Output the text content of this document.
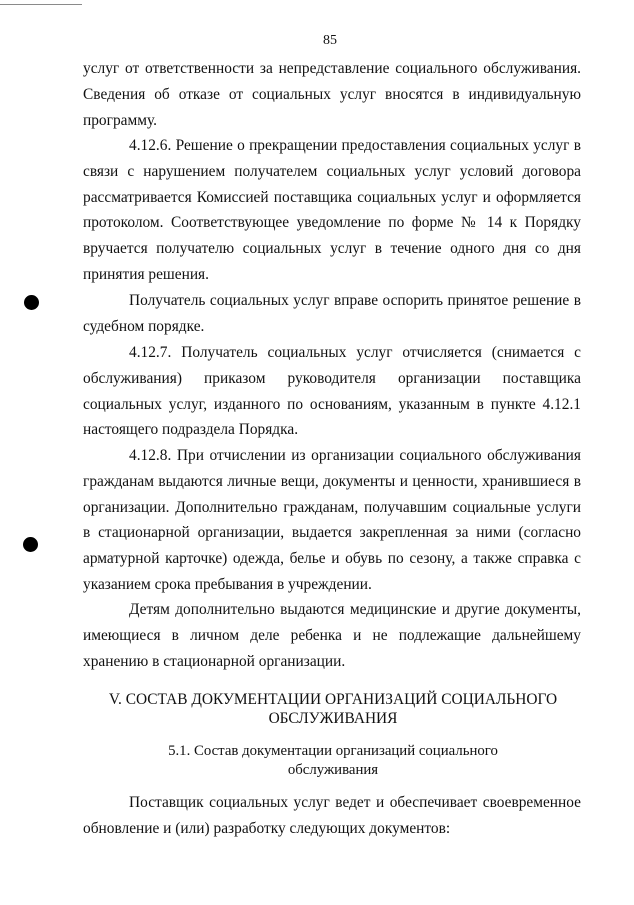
85

услуг от ответственности за непредставление социального обслуживания. Сведения об отказе от социальных услуг вносятся в индивидуальную программу.

4.12.6. Решение о прекращении предоставления социальных услуг в связи с нарушением получателем социальных услуг условий договора рассматривается Комиссией поставщика социальных услуг и оформляется протоколом. Соответствующее уведомление по форме № 14 к Порядку вручается получателю социальных услуг в течение одного дня со дня принятия решения.

Получатель социальных услуг вправе оспорить принятое решение в судебном порядке.

4.12.7. Получатель социальных услуг отчисляется (снимается с обслуживания) приказом руководителя организации поставщика социальных услуг, изданного по основаниям, указанным в пункте 4.12.1 настоящего подраздела Порядка.

4.12.8. При отчислении из организации социального обслуживания гражданам выдаются личные вещи, документы и ценности, хранившиеся в организации. Дополнительно гражданам, получавшим социальные услуги в стационарной организации, выдается закрепленная за ними (согласно арматурной карточке) одежда, белье и обувь по сезону, а также справка с указанием срока пребывания в учреждении.

Детям дополнительно выдаются медицинские и другие документы, имеющиеся в личном деле ребенка и не подлежащие дальнейшему хранению в стационарной организации.

V. СОСТАВ ДОКУМЕНТАЦИИ ОРГАНИЗАЦИЙ СОЦИАЛЬНОГО
ОБСЛУЖИВАНИЯ
5.1. Состав документации организаций социального
обслуживания

Поставщик социальных услуг ведет и обеспечивает своевременное обновление и (или) разработку следующих документов:
